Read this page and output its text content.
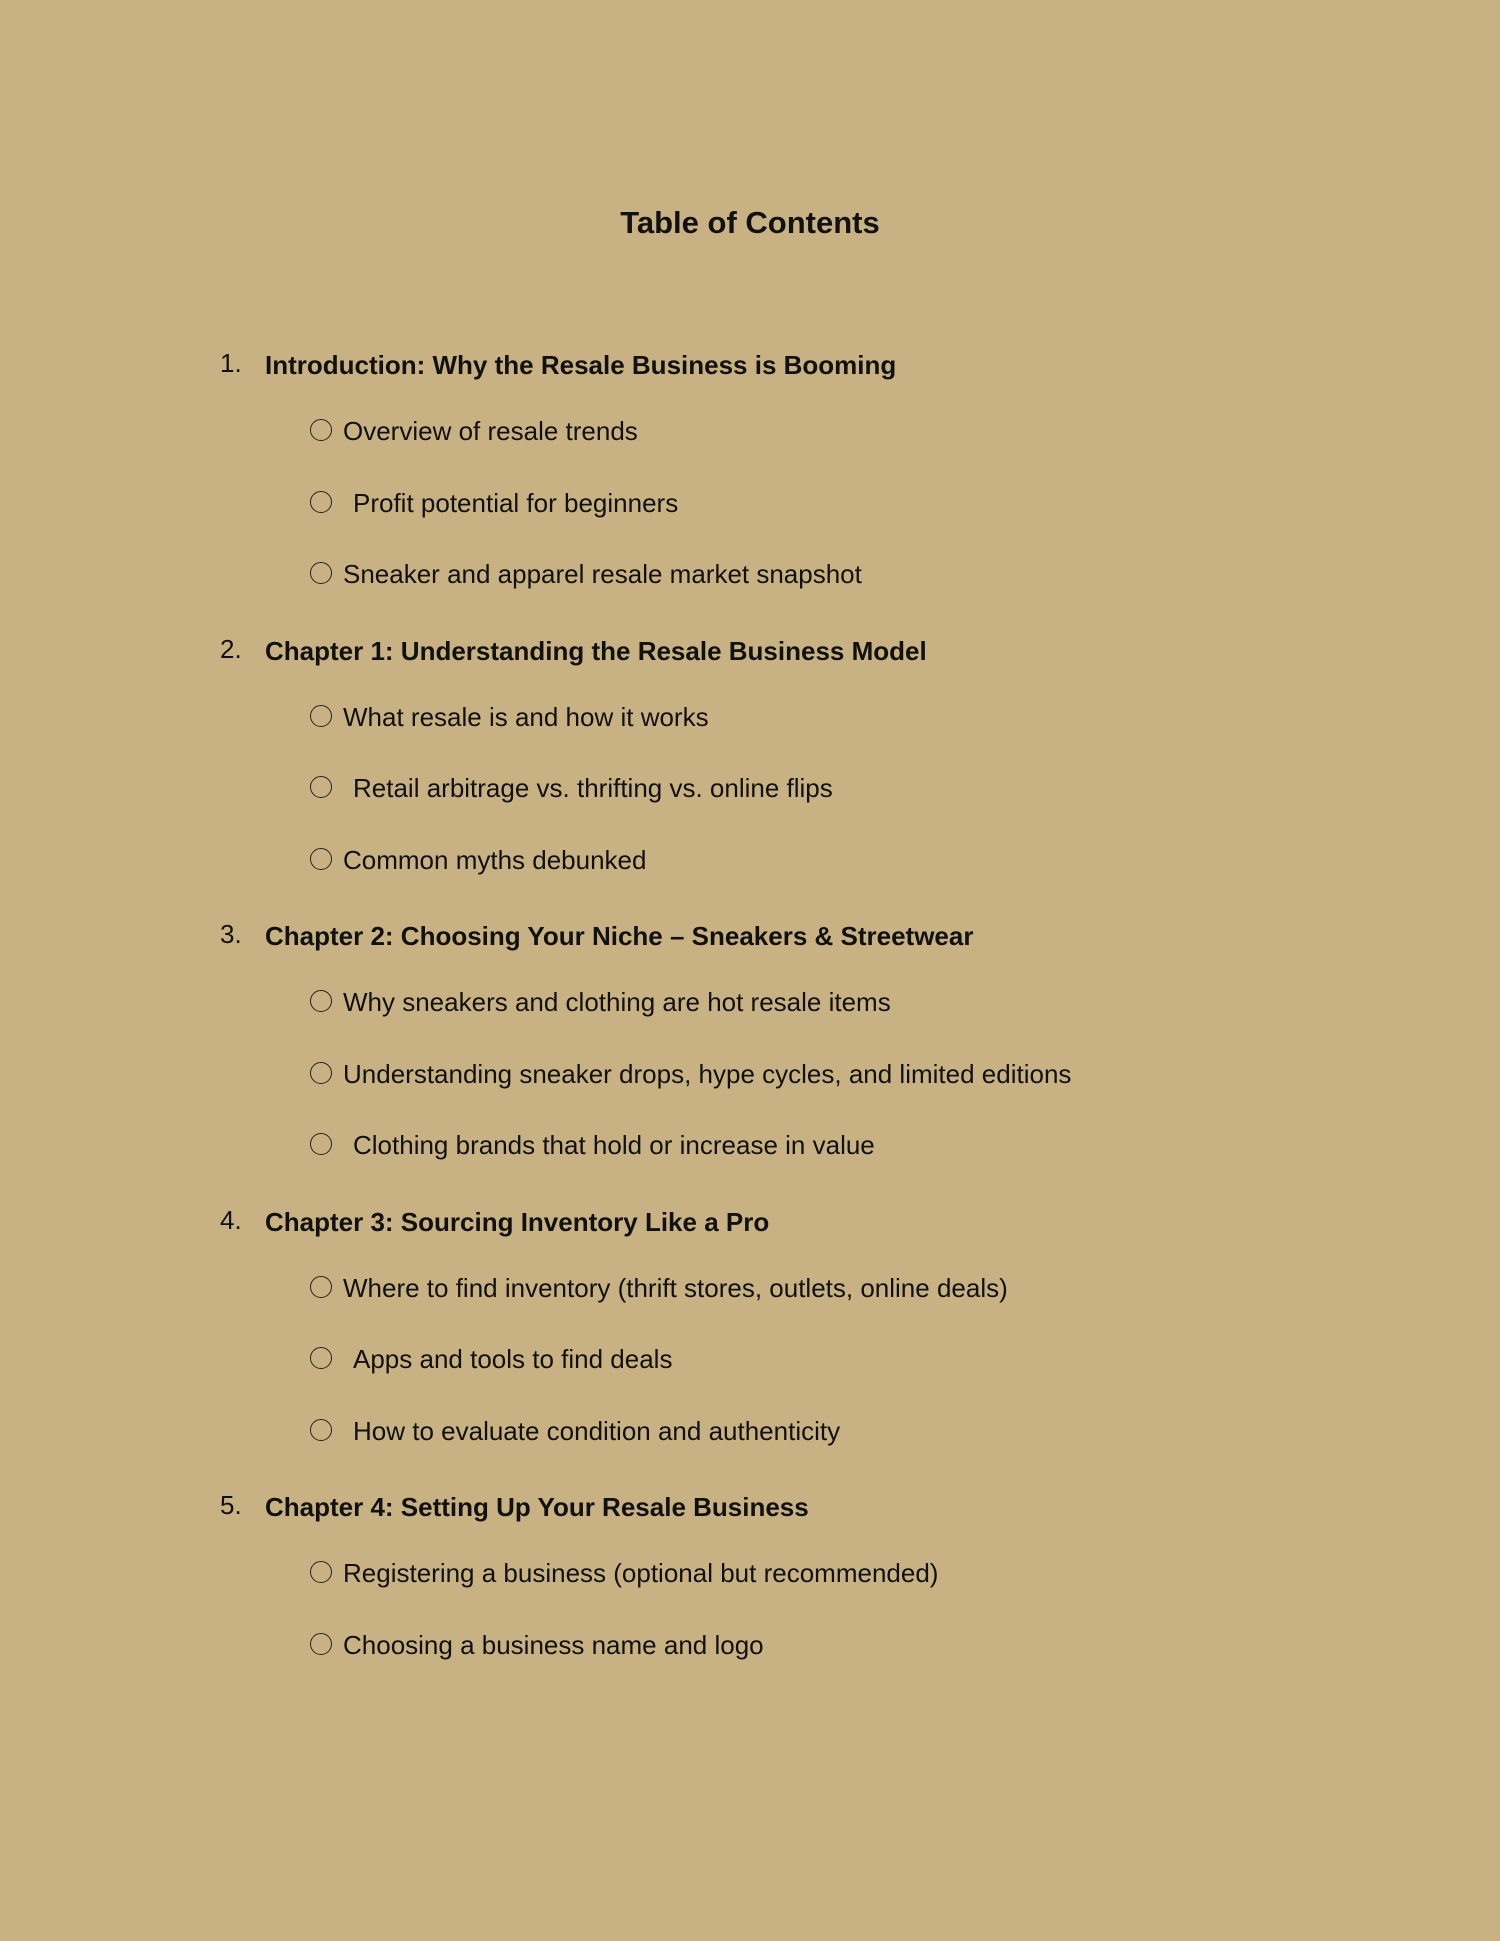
Table of Contents
1. Introduction: Why the Resale Business is Booming
Overview of resale trends
Profit potential for beginners
Sneaker and apparel resale market snapshot
2. Chapter 1: Understanding the Resale Business Model
What resale is and how it works
Retail arbitrage vs. thrifting vs. online flips
Common myths debunked
3. Chapter 2: Choosing Your Niche – Sneakers & Streetwear
Why sneakers and clothing are hot resale items
Understanding sneaker drops, hype cycles, and limited editions
Clothing brands that hold or increase in value
4. Chapter 3: Sourcing Inventory Like a Pro
Where to find inventory (thrift stores, outlets, online deals)
Apps and tools to find deals
How to evaluate condition and authenticity
5. Chapter 4: Setting Up Your Resale Business
Registering a business (optional but recommended)
Choosing a business name and logo
